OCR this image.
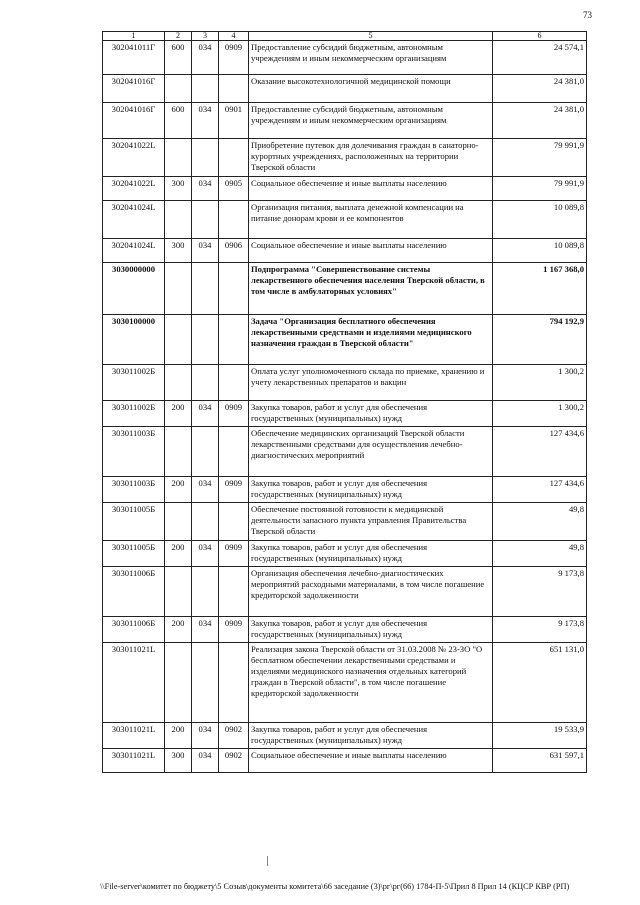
73
1	2	3	4	5	6
302041011Г	600	034	0909	Предоставление субсидий бюджетным, автономным учреждениям и иным некоммерческим организациям	24 574,1
302041016Г				Оказание высокотехнологичной медицинской помощи	24 381,0
302041016Г	600	034	0901	Предоставление субсидий бюджетным, автономным учреждениям и иным некоммерческим организациям	24 381,0
302041022L				Приобретение путевок для долечивания граждан в санаторно-курортных учреждениях, расположенных на территории Тверской области	79 991,9
302041022L	300	034	0905	Социальное обеспечение и иные выплаты населению	79 991,9
302041024L				Организация питания, выплата денежной компенсации на питание донорам крови и ее компонентов	10 089,8
302041024L	300	034	0906	Социальное обеспечение и иные выплаты населению	10 089,8
3030000000				Подпрограмма "Совершенствование системы лекарственного обеспечения населения Тверской области, в том числе в амбулаторных условиях"	1 167 368,0
3030100000				Задача "Организация бесплатного обеспечения лекарственными средствами и изделиями медицинского назначения граждан в Тверской области"	794 192,9
303011002Б				Оплата услуг уполномоченного склада по приемке, хранению и учету лекарственных препаратов и вакцин	1 300,2
303011002Б	200	034	0909	Закупка товаров, работ и услуг для обеспечения государственных (муниципальных) нужд	1 300,2
303011003Б				Обеспечение медицинских организаций Тверской области лекарственными средствами для осуществления лечебно-диагностических мероприятий	127 434,6
303011003Б	200	034	0909	Закупка товаров, работ и услуг для обеспечения государственных (муниципальных) нужд	127 434,6
303011005Б				Обеспечение постоянной готовности к медицинской деятельности запасного пункта управления Правительства Тверской области	49,8
303011005Б	200	034	0909	Закупка товаров, работ и услуг для обеспечения государственных (муниципальных) нужд	49,8
303011006Б				Организация обеспечения лечебно-диагностических мероприятий расходными материалами, в том числе погашение кредиторской задолженности	9 173,8
303011006Б	200	034	0909	Закупка товаров, работ и услуг для обеспечения государственных (муниципальных) нужд	9 173,8
303011021L				Реализация закона Тверской области от 31.03.2008 № 23-ЗО "О бесплатном обеспечении лекарственными средствами и изделиями медицинского назначения отдельных категорий граждан в Тверской области", в том числе погашение кредиторской задолженности	651 131,0
303011021L	200	034	0902	Закупка товаров, работ и услуг для обеспечения государственных (муниципальных) нужд	19 533,9
303011021L	300	034	0902	Социальное обеспечение и иные выплаты населению	631 597,1
\\File-server\комитет по бюджету\5 Созыв\документы комитета\66 заседание (3)\рг\рг(66) 1784-П-5\Прил 8 Прил 14 (КЦСР КВР (РП)
